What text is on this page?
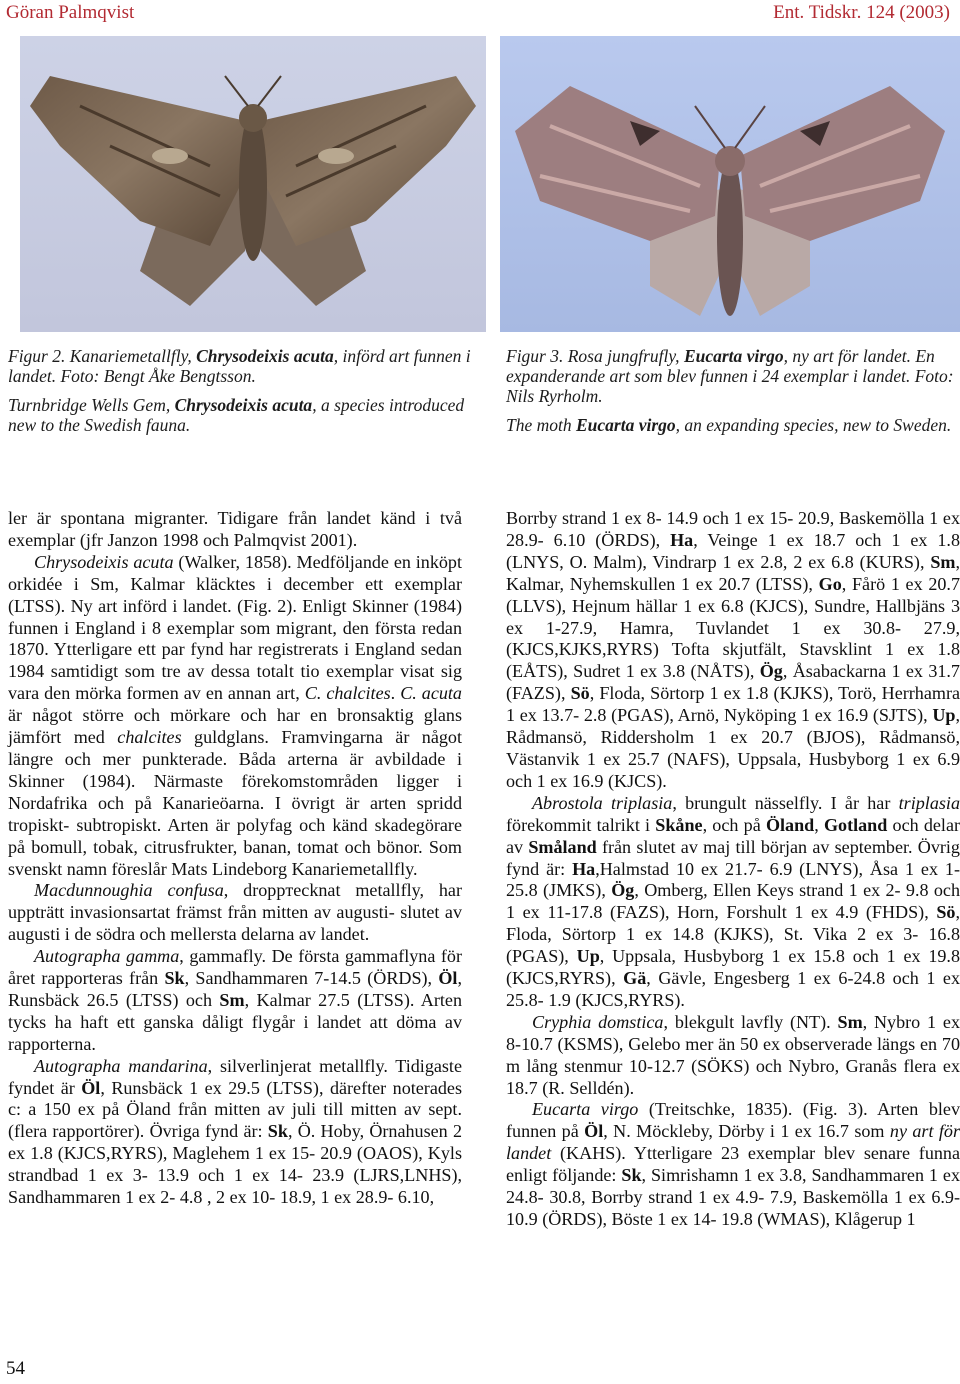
Göran Palmqvist	Ent. Tidskr. 124 (2003)

Figur 2. Kanariemetallfly, Chrysodeixis acuta, införd art funnen i landet. Foto: Bengt Åke Bengtsson.

Turnbridge Wells Gem, Chrysodeixis acuta, a species introduced new to the Swedish fauna.

Figur 3. Rosa jungfrufly, Eucarta virgo, ny art för landet. En expanderande art som blev funnen i 24 exemplar i landet. Foto: Nils Ryrholm.

The moth Eucarta virgo, an expanding species, new to Sweden.

ler är spontana migranter. Tidigare från landet känd i två exemplar (jfr Janzon 1998 och Palmqvist 2001).

Chrysodeixis acuta (Walker, 1858). Medföljande en inköpt orkidée i Sm, Kalmar kläcktes i december ett exemplar (LTSS). Ny art införd i landet. (Fig. 2). Enligt Skinner (1984) funnen i England i 8 exemplar som migrant, den första redan 1870. Ytterligare ett par fynd har registrerats i England sedan 1984 samtidigt som tre av dessa totalt tio exemplar visat sig vara den mörka formen av en annan art, C. chalcites. C. acuta är något större och mörkare och har en bronsaktig glans jämfört med chalcites guldglans. Framvingarna är något längre och mer punkterade. Båda arterna är avbildade i Skinner (1984). Närmaste förekomstområden ligger i Nordafrika och på Kanarieöarna. I övrigt är arten spridd tropiskt- subtropiskt. Arten är polyfag och känd skadegörare på bomull, tobak, citrusfrukter, banan, tomat och bönor. Som svenskt namn föreslår Mats Lindeborg Kanariemetallfly.

Macdunnoughia confusa, droppтecknat metallfly, har uppträtt invasionsartat främst från mitten av augusti- slutet av augusti i de södra och mellersta delarna av landet.

Autographa gamma, gammafly. De första gammaflyna för året rapporteras från Sk, Sandhammaren 7-14.5 (ÖRDS), Öl, Runsbäck 26.5 (LTSS) och Sm, Kalmar 27.5 (LTSS). Arten tycks ha haft ett ganska dåligt flygår i landet att döma av rapporterna.

Autographa mandarina, silverlinjerat metallfly. Tidigaste fyndet är Öl, Runsbäck 1 ex 29.5 (LTSS), därefter noterades c: a 150 ex på Öland från mitten av juli till mitten av sept. (flera rapportörer). Övriga fynd är: Sk, Ö. Hoby, Örnahusen 2 ex 1.8 (KJCS,RYRS), Maglehem 1 ex 15- 20.9 (OAOS), Kyls strandbad 1 ex 3- 13.9 och 1 ex 14- 23.9 (LJRS,LNHS), Sandhammaren 1 ex 2- 4.8 , 2 ex 10- 18.9, 1 ex 28.9- 6.10,

Borrby strand 1 ex 8- 14.9 och 1 ex 15- 20.9, Baskemölla 1 ex 28.9- 6.10 (ÖRDS), Ha, Veinge 1 ex 18.7 och 1 ex 1.8 (LNYS, O. Malm), Vindrarp 1 ex 2.8, 2 ex 6.8 (KURS), Sm, Kalmar, Nyhemskullen 1 ex 20.7 (LTSS), Go, Fårö 1 ex 20.7 (LLVS), Hejnum hällar 1 ex 6.8 (KJCS), Sundre, Hallbjäns 3 ex 1-27.9, Hamra, Tuvlandet 1 ex 30.8- 27.9, (KJCS,KJKS,RYRS) Tofta skjutfält, Stavsklint 1 ex 1.8 (EÅTS), Sudret 1 ex 3.8 (NÅTS), Ög, Åsabackarna 1 ex 31.7 (FAZS), Sö, Floda, Sörtorp 1 ex 1.8 (KJKS), Torö, Herrhamra 1 ex 13.7- 2.8 (PGAS), Arnö, Nyköping 1 ex 16.9 (SJTS), Up, Rådmansö, Riddersholm 1 ex 20.7 (BJOS), Rådmansö, Västanvik 1 ex 25.7 (NAFS), Uppsala, Husbyborg 1 ex 6.9 och 1 ex 16.9 (KJCS).

Abrostola triplasia, brungult nässelfly. I år har triplasia förekommit talrikt i Skåne, och på Öland, Gotland och delar av Småland från slutet av maj till början av september. Övrig fynd är: Ha,Halmstad 10 ex 21.7- 6.9 (LNYS), Åsa 1 ex 1- 25.8 (JMKS), Ög, Omberg, Ellen Keys strand 1 ex 2- 9.8 och 1 ex 11-17.8 (FAZS), Horn, Forshult 1 ex 4.9 (FHDS), Sö, Floda, Sörtorp 1 ex 14.8 (KJKS), St. Vika 2 ex 3- 16.8 (PGAS), Up, Uppsala, Husbyborg 1 ex 15.8 och 1 ex 19.8 (KJCS,RYRS), Gä, Gävle, Engesberg 1 ex 6-24.8 och 1 ex 25.8- 1.9 (KJCS,RYRS).

Cryphia domstica, blekgult lavfly (NT). Sm, Nybro 1 ex 8-10.7 (KSMS), Gelebo mer än 50 ex observerade längs en 70 m lång stenmur 10-12.7 (SÖKS) och Nybro, Granås flera ex 18.7 (R. Selldén).

Eucarta virgo (Treitschke, 1835). (Fig. 3). Arten blev funnen på Öl, N. Möckleby, Dörby i 1 ex 16.7 som ny art för landet (KAHS). Ytterligare 23 exemplar blev senare funna enligt följande: Sk, Simrishamn 1 ex 3.8, Sandhammaren 1 ex 24.8- 30.8, Borrby strand 1 ex 4.9- 7.9, Baskemölla 1 ex 6.9- 10.9 (ÖRDS), Böste 1 ex 14- 19.8 (WMAS), Klågerup 1

54
